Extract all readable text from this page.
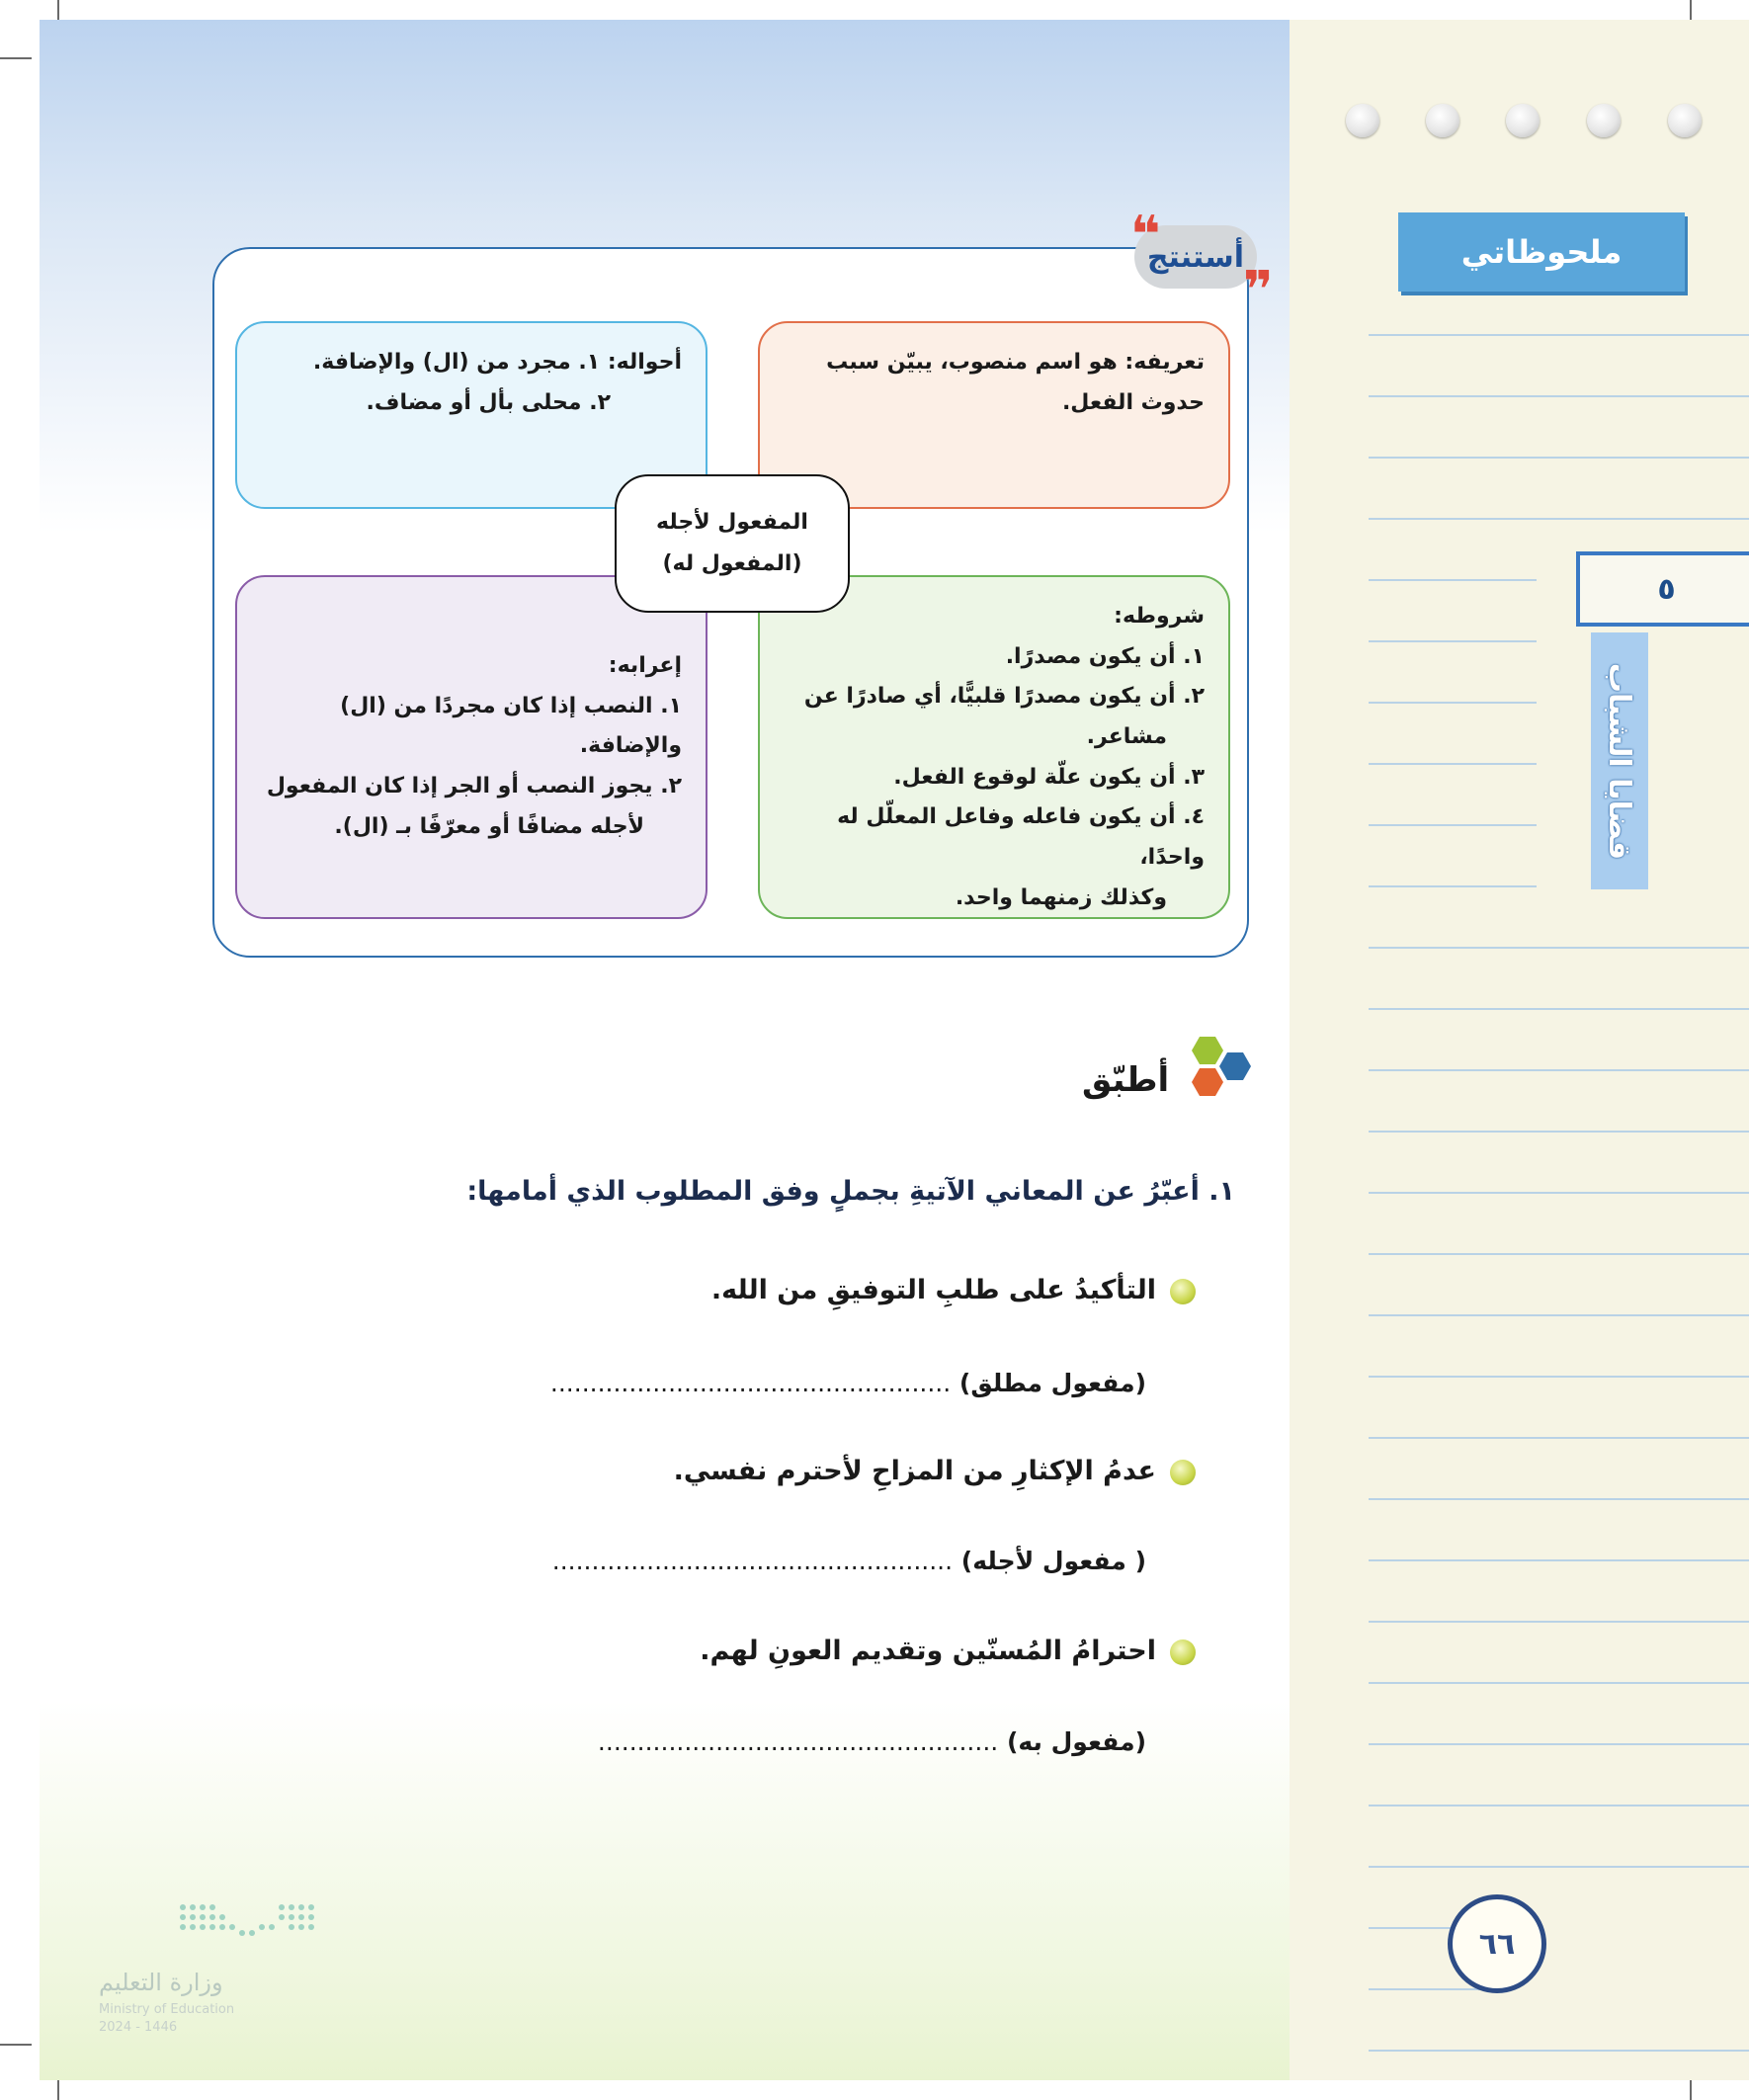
ملحوظاتي
٥
قضايا الشباب
٦٦
أستنتج
❝
❞
تعريفه: هو اسم منصوب، يبيّن سبب حدوث الفعل.
أحواله: ١. مجرد من (ال) والإضافة.
٢. محلى بأل أو مضاف.
شروطه:
١. أن يكون مصدرًا.
٢. أن يكون مصدرًا قلبيًّا، أي صادرًا عن
مشاعر.
٣. أن يكون علّة لوقوع الفعل.
٤. أن يكون فاعله وفاعل المعلّل له واحدًا،
وكذلك زمنهما واحد.
إعرابه:
١. النصب إذا كان مجردًا من (ال) والإضافة.
٢. يجوز النصب أو الجر إذا كان المفعول
لأجله مضافًا أو معرّفًا بـ (ال).
المفعول لأجله
(المفعول له)
أطبّق
١. أعبّرُ عن المعاني الآتيةِ بجملٍ وفق المطلوب الذي أمامها:
التأكيدُ على طلبِ التوفيقِ من الله.
(مفعول مطلق) ...................................................
عدمُ الإكثارِ من المزاحِ لأحترم نفسي.
( مفعول لأجله) ...................................................
احترامُ المُسنّين وتقديم العونِ لهم.
(مفعول به) ...................................................
وزارة التعليم
Ministry of Education
2024 - 1446
